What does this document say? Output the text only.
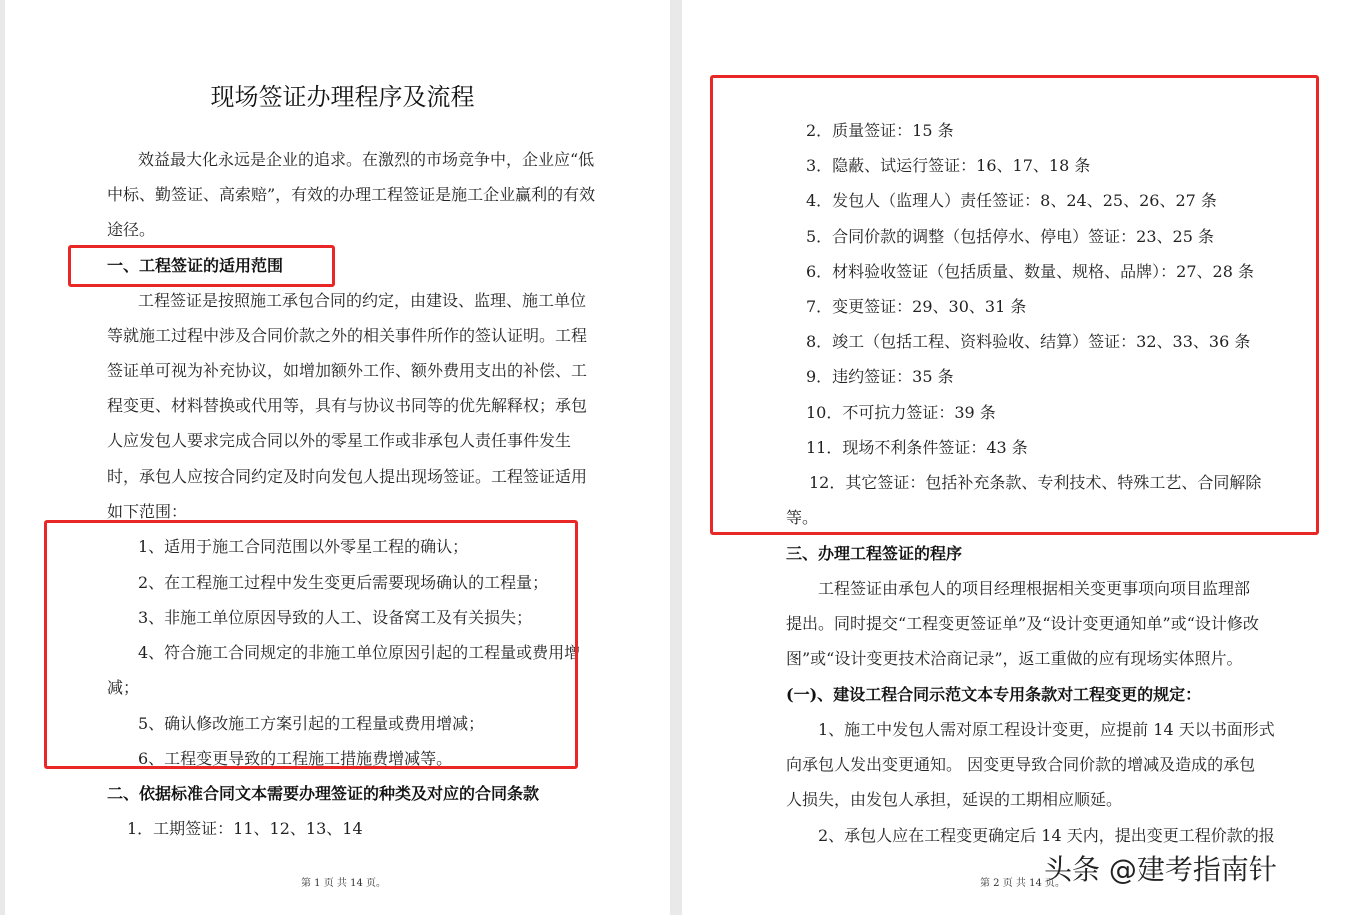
现场签证办理程序及流程
效益最大化永远是企业的追求。在激烈的市场竞争中，企业应“低
中标、勤签证、高索赔”，有效的办理工程签证是施工企业赢利的有效
途径。
一、工程签证的适用范围
工程签证是按照施工承包合同的约定，由建设、监理、施工单位
等就施工过程中涉及合同价款之外的相关事件所作的签认证明。工程
签证单可视为补充协议，如增加额外工作、额外费用支出的补偿、工
程变更、材料替换或代用等，具有与协议书同等的优先解释权；承包
人应发包人要求完成合同以外的零星工作或非承包人责任事件发生
时，承包人应按合同约定及时向发包人提出现场签证。工程签证适用
如下范围：
1、适用于施工合同范围以外零星工程的确认；
2、在工程施工过程中发生变更后需要现场确认的工程量；
3、非施工单位原因导致的人工、设备窝工及有关损失；
4、符合施工合同规定的非施工单位原因引起的工程量或费用增
减；
5、确认修改施工方案引起的工程量或费用增减；
6、工程变更导致的工程施工措施费增减等。
二、依据标准合同文本需要办理签证的种类及对应的合同条款
1．工期签证：11、12、13、14
第 1 页 共 14 页。
2．质量签证：15 条
3．隐蔽、试运行签证：16、17、18 条
4．发包人（监理人）责任签证：8、24、25、26、27 条
5．合同价款的调整（包括停水、停电）签证：23、25 条
6．材料验收签证（包括质量、数量、规格、品牌）：27、28 条
7．变更签证：29、30、31 条
8．竣工（包括工程、资料验收、结算）签证：32、33、36 条
9．违约签证：35 条
10．不可抗力签证：39 条
11．现场不利条件签证：43 条
12．其它签证：包括补充条款、专利技术、特殊工艺、合同解除
等。
三、办理工程签证的程序
工程签证由承包人的项目经理根据相关变更事项向项目监理部
提出。同时提交“工程变更签证单”及“设计变更通知单”或“设计修改
图”或“设计变更技术洽商记录”，返工重做的应有现场实体照片。
(一)、建设工程合同示范文本专用条款对工程变更的规定：
1、施工中发包人需对原工程设计变更，应提前 14 天以书面形式
向承包人发出变更通知。 因变更导致合同价款的增减及造成的承包
人损失，由发包人承担，延误的工期相应顺延。
2、承包人应在工程变更确定后 14 天内，提出变更工程价款的报
第 2 页 共 14 页。
头条 @建考指南针
